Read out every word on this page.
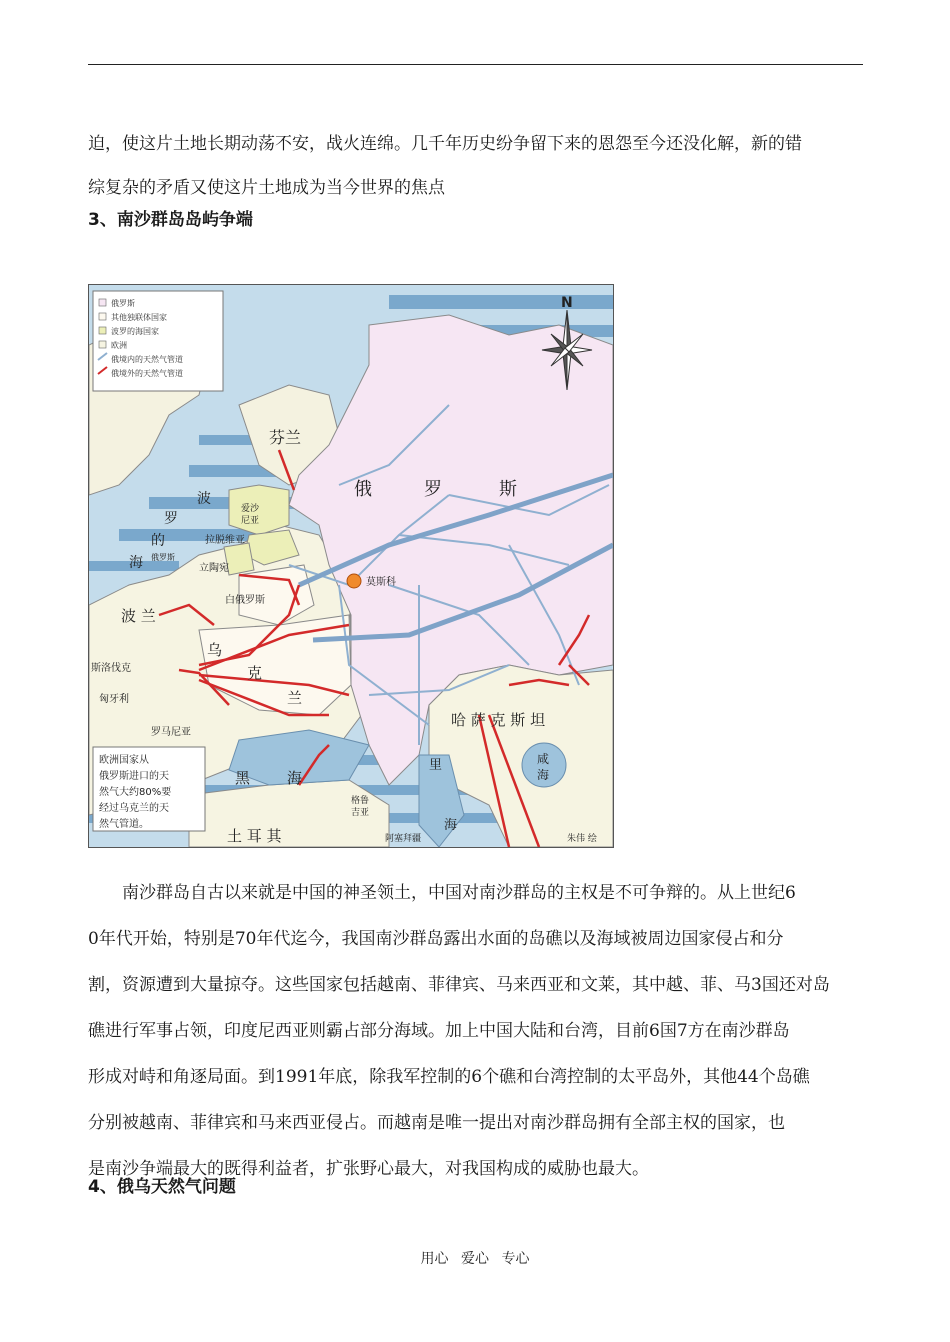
迫，使这片土地长期动荡不安，战火连绵。几千年历史纷争留下来的恩怨至今还没化解，新的错
综复杂的矛盾又使这片土地成为当今世界的焦点

3、南沙群岛岛屿争端
N
俄罗斯
其他独联体国家
波罗的海国家
欧洲
俄境内的天然气管道
俄境外的天然气管道
芬兰
俄	罗	斯
莫斯科
波
罗
的
海
爱沙
尼亚
拉脱维亚
俄罗斯
立陶宛
白俄罗斯
波 兰
乌
克
兰
斯洛伐克
匈牙利
罗马尼亚
黑 海
土 耳 其
格鲁
吉亚
阿塞拜疆
哈 萨 克 斯 坦
里
海
咸
海
朱伟 绘
欧洲国家从
俄罗斯进口的天
然气大约80%要
经过乌克兰的天
然气管道。

南沙群岛自古以来就是中国的神圣领土，中国对南沙群岛的主权是不可争辩的。从上世纪6
0年代开始，特别是70年代迄今，我国南沙群岛露出水面的岛礁以及海域被周边国家侵占和分
割，资源遭到大量掠夺。这些国家包括越南、菲律宾、马来西亚和文莱，其中越、菲、马3国还对岛
礁进行军事占领，印度尼西亚则霸占部分海域。加上中国大陆和台湾，目前6国7方在南沙群岛
形成对峙和角逐局面。到1991年底，除我军控制的6个礁和台湾控制的太平岛外，其他44个岛礁
分别被越南、菲律宾和马来西亚侵占。而越南是唯一提出对南沙群岛拥有全部主权的国家，也
是南沙争端最大的既得利益者，扩张野心最大，对我国构成的威胁也最大。

4、俄乌天然气问题
用心 爱心 专心
